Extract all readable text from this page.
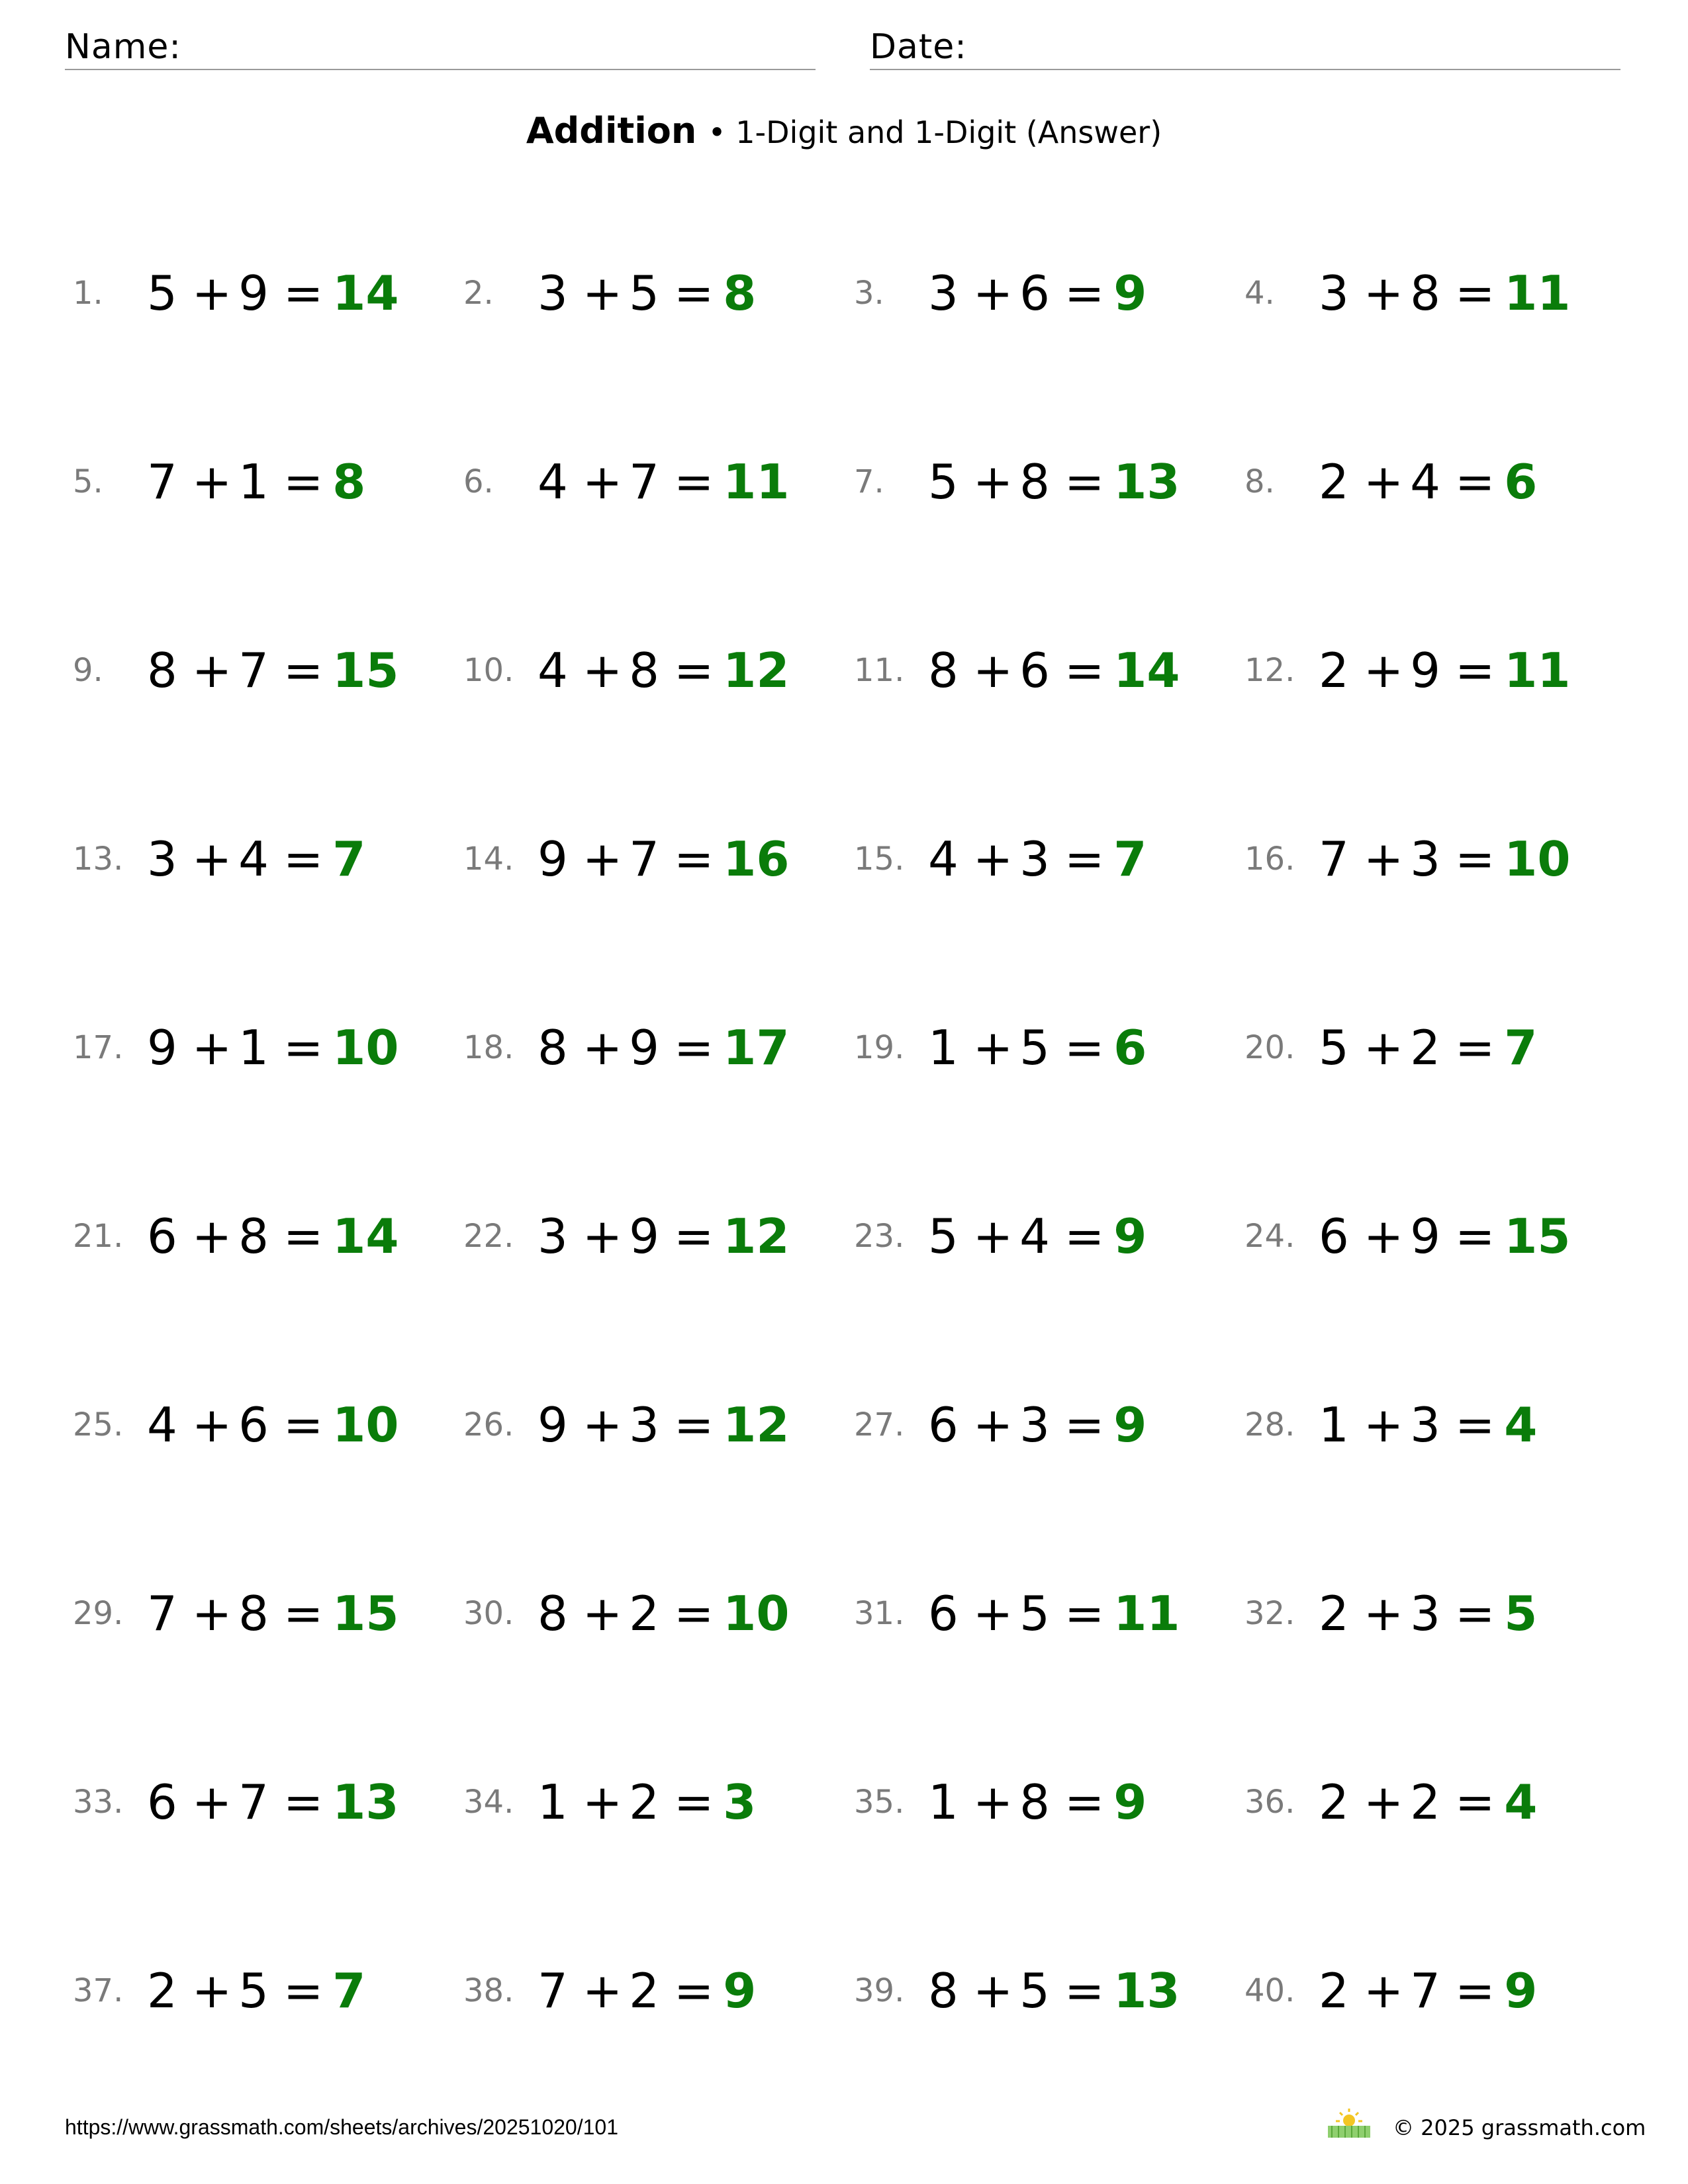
Name:	Date:
Addition • 1-Digit and 1-Digit (Answer)
1. 5 + 9 = 14 2. 3 + 5 = 8	3. 3 + 6 = 9	4. 3 + 8 = 11
5. 7 + 1 = 8	6. 4 + 7 = 11 7. 5 + 8 = 13 8. 2 + 4 = 6
9. 8 + 7 = 15 10. 4 + 8 = 12 11. 8 + 6 = 14 12. 2 + 9 = 11
13. 3 + 4 = 7	14. 9 + 7 = 16 15. 4 + 3 = 7	16. 7 + 3 = 10
17. 9 + 1 = 10 18. 8 + 9 = 17 19. 1 + 5 = 6	20. 5 + 2 = 7
21. 6 + 8 = 14 22. 3 + 9 = 12 23. 5 + 4 = 9	24. 6 + 9 = 15
25. 4 + 6 = 10 26. 9 + 3 = 12 27. 6 + 3 = 9	28. 1 + 3 = 4
29. 7 + 8 = 15 30. 8 + 2 = 10 31. 6 + 5 = 11 32. 2 + 3 = 5
33. 6 + 7 = 13 34. 1 + 2 = 3	35. 1 + 8 = 9	36. 2 + 2 = 4
37. 2 + 5 = 7	38. 7 + 2 = 9	39. 8 + 5 = 13 40. 2 + 7 = 9
https://www.grassmath.com/sheets/archives/20251020/101	© 2025 grassmath.com
